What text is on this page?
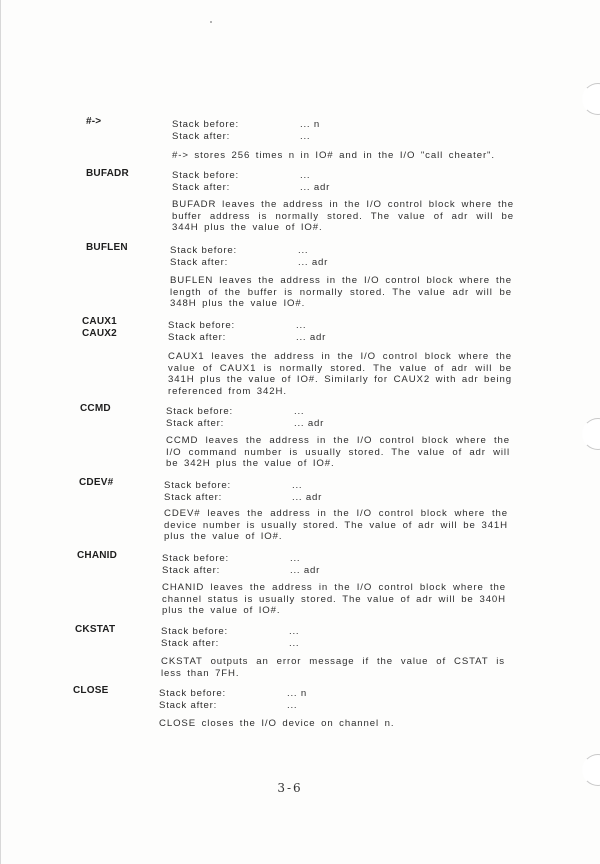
#->	Stack before:	... n
Stack after:	...
#-> stores 256 times n in IO# and in the I/O "call cheater".
BUFADR	Stack before:	...
Stack after:	... adr
BUFADR leaves the address in the I/O control block where the buffer address is normally stored. The value of adr will be 344H plus the value of IO#.
BUFLEN	Stack before:	...
Stack after:	... adr
BUFLEN leaves the address in the I/O control block where the length of the buffer is normally stored. The value adr will be 348H plus the value IO#.
CAUX1
CAUX2
Stack before:	...
Stack after:	... adr
CAUX1 leaves the address in the I/O control block where the value of CAUX1 is normally stored. The value of adr will be 341H plus the value of IO#. Similarly for CAUX2 with adr being referenced from 342H.
CCMD	Stack before:	...
Stack after:	... adr
CCMD leaves the address in the I/O control block where the I/O command number is usually stored. The value of adr will be 342H plus the value of IO#.
CDEV#	Stack before:	...
Stack after:	... adr
CDEV# leaves the address in the I/O control block where the device number is usually stored. The value of adr will be 341H plus the value of IO#.
CHANID	Stack before:	...
Stack after:	... adr
CHANID leaves the address in the I/O control block where the channel status is usually stored. The value of adr will be 340H plus the value of IO#.
CKSTAT	Stack before:	...
Stack after:	...
CKSTAT outputs an error message if the value of CSTAT is less than 7FH.
CLOSE	Stack before:	... n
Stack after:	...
CLOSE closes the I/O device on channel n.
3-6
